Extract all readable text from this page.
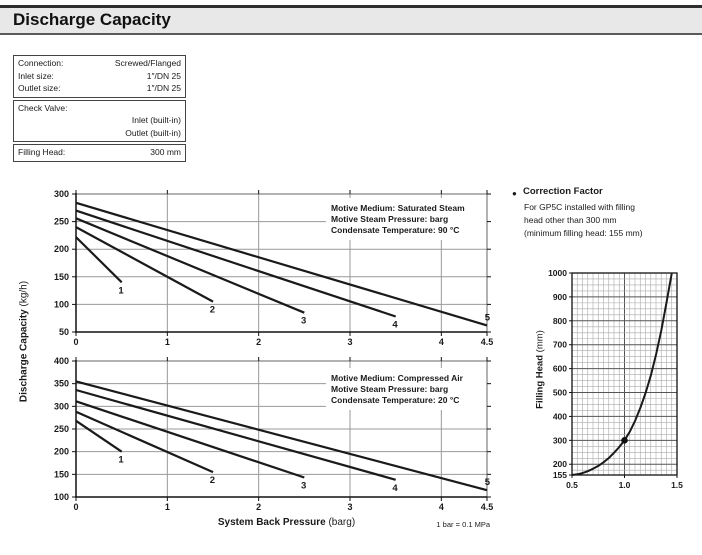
Discharge Capacity
Connection:	Screwed/Flanged
Inlet size:	1″/DN 25
Outlet size:	1″/DN 25
Check Valve:
Inlet (built-in)
Outlet (built-in)
Filling Head:	300 mm
Motive Medium: Saturated Steam
Motive Steam Pressure: barg
Condensate Temperature: 90 °C
0	1	2	3	4	4.5
50
100
150
200
250
300
1
2
3	4
5
Motive Medium: Compressed Air
Motive Steam Pressure: barg
Condensate Temperature: 20 °C
0	1	2	3	4	4.5
100
150
200
250
300
350
400
1
2	3	4
5
155
200
300
400
500
600
700
800
900
1000
0.5	1.0	1.5
Discharge Capacity (kg/h)
System Back Pressure (barg)	1 bar = 0.1 MPa
Filling Head (mm)
● Correction Factor
For GP5C installed with filling
head other than 300 mm
(minimum filling head: 155 mm)
